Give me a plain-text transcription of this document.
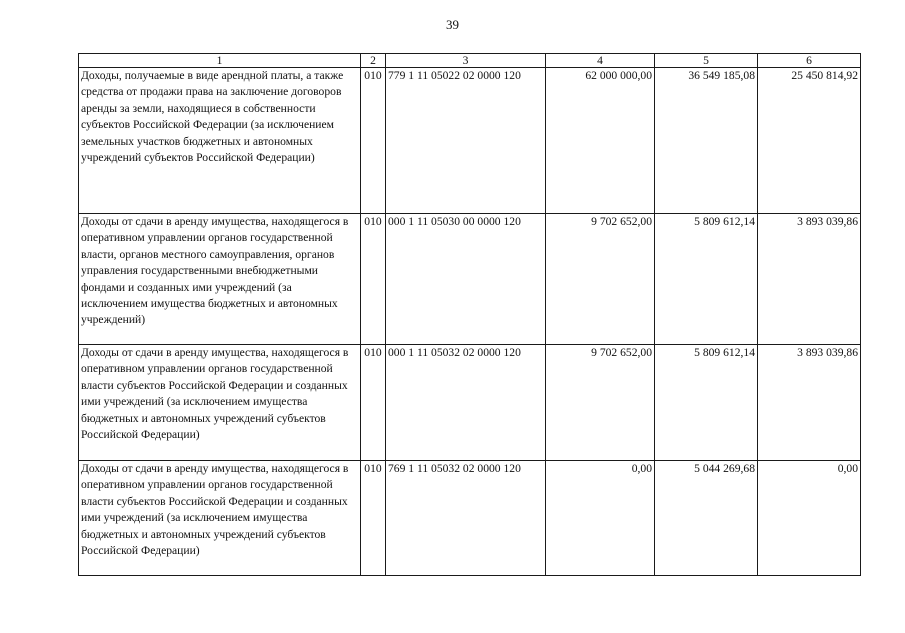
39
1	2	3	4	5	6
Доходы, получаемые в виде арендной платы, а также средства от продажи права на заключение договоров аренды за земли, находящиеся в собственности субъектов Российской Федерации (за исключением земельных участков бюджетных и автономных учреждений субъектов Российской Федерации)	010	779 1 11 05022 02 0000 120	62 000 000,00	36 549 185,08	25 450 814,92
Доходы от сдачи в аренду имущества, находящегося в оперативном управлении органов государственной власти, органов местного самоуправления, органов управления государственными внебюджетными фондами и созданных ими учреждений (за исключением имущества бюджетных и автономных учреждений)	010	000 1 11 05030 00 0000 120	9 702 652,00	5 809 612,14	3 893 039,86
Доходы от сдачи в аренду имущества, находящегося в оперативном управлении органов государственной власти субъектов Российской Федерации и созданных ими учреждений (за исключением имущества бюджетных и автономных учреждений субъектов Российской Федерации)	010	000 1 11 05032 02 0000 120	9 702 652,00	5 809 612,14	3 893 039,86
Доходы от сдачи в аренду имущества, находящегося в оперативном управлении органов государственной власти субъектов Российской Федерации и созданных ими учреждений (за исключением имущества бюджетных и автономных учреждений субъектов Российской Федерации)	010	769 1 11 05032 02 0000 120	0,00	5 044 269,68	0,00
